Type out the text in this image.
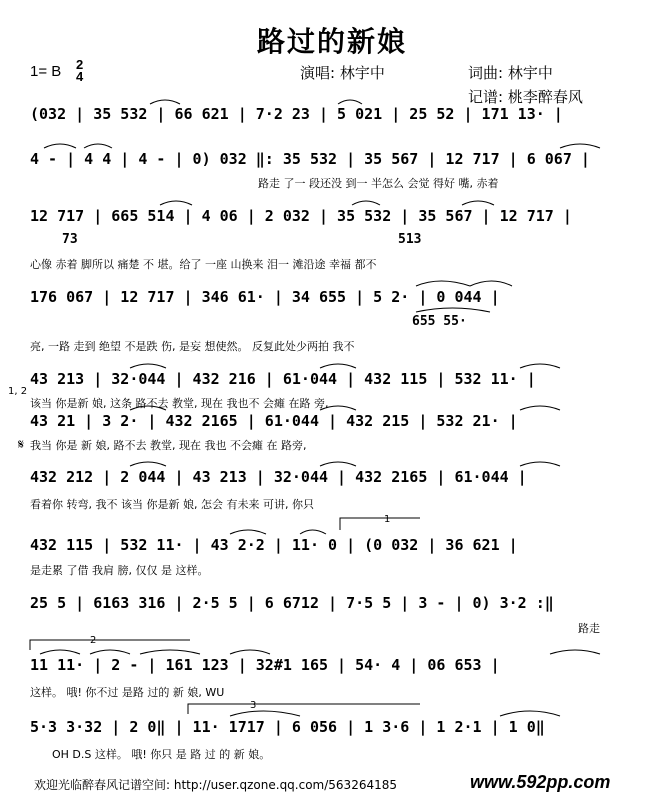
路过的新娘
1= B 2
4	演唱: 林宇中	词曲: 林宇中
记谱: 桃李醉春风
(032 | 35 532 | 66 621 | 7·2 23 | 5 021 | 25 52 | 171 13· |
4 - | 4 4 | 4 - | 0) 032 ‖: 35 532 | 35 567 | 12 717 | 6 067 |
路走 了一 段还没 到一 半怎么 会觉 得好 嘴, 赤着
12 717 | 665 514 | 4 06 | 2 032 | 35 532 | 35 567 | 12 717 |
73	513
心像 赤着 脚所以 痛楚 不 堪。给了 一座 山换来 泪一 滩沿途 幸福 都不
176 067 | 12 717 | 346 61· | 34 655 | 5 2· | 0 044 |
655 55·
亮, 一路 走到 绝望 不是跌 伤, 是妄 想使然。 反复此处少两拍 我不
43 213 | 32·044 | 432 216 | 61·044 | 432 115 | 532 11· |
1, 2
该当 你是新 娘, 这条 路不去 教堂, 现在 我也不 会瘫 在路 旁,
43 21 | 3 2· | 432 2165 | 61·044 | 432 215 | 532 21· |
𝄋 我当 你是 新 娘, 路不去 教堂, 现在 我也 不会瘫 在 路旁,
432 212 | 2 044 | 43 213 | 32·044 | 432 2165 | 61·044 |
看着你 转弯, 我不 该当 你是新 娘, 怎会 有未来 可讲, 你只
432 115 | 532 11· | 43 2·2 | 11· 0 | (0 032 | 36 621 |
1
是走累 了借 我肩 膀, 仅仅 是 这样。
25 5 | 6163 316 | 2·5 5 | 6 6712 | 7·5 5 | 3 - | 0) 3·2 :‖
路走
11 11· | 2 - | 161 123 | 32#1 165 | 54· 4 | 06 653 |
2
这样。 哦! 你不过 是路 过的 新 娘, WU
5·3 3·32 | 2 0‖ | 11· 1717 | 6 056 | 1 3·6 | 1 2·1 | 1 0‖
3
OH D.S 这样。 哦! 你只 是 路 过 的 新 娘。
欢迎光临醉春风记谱空间: http://user.qzone.qq.com/563264185	www.592pp.com
